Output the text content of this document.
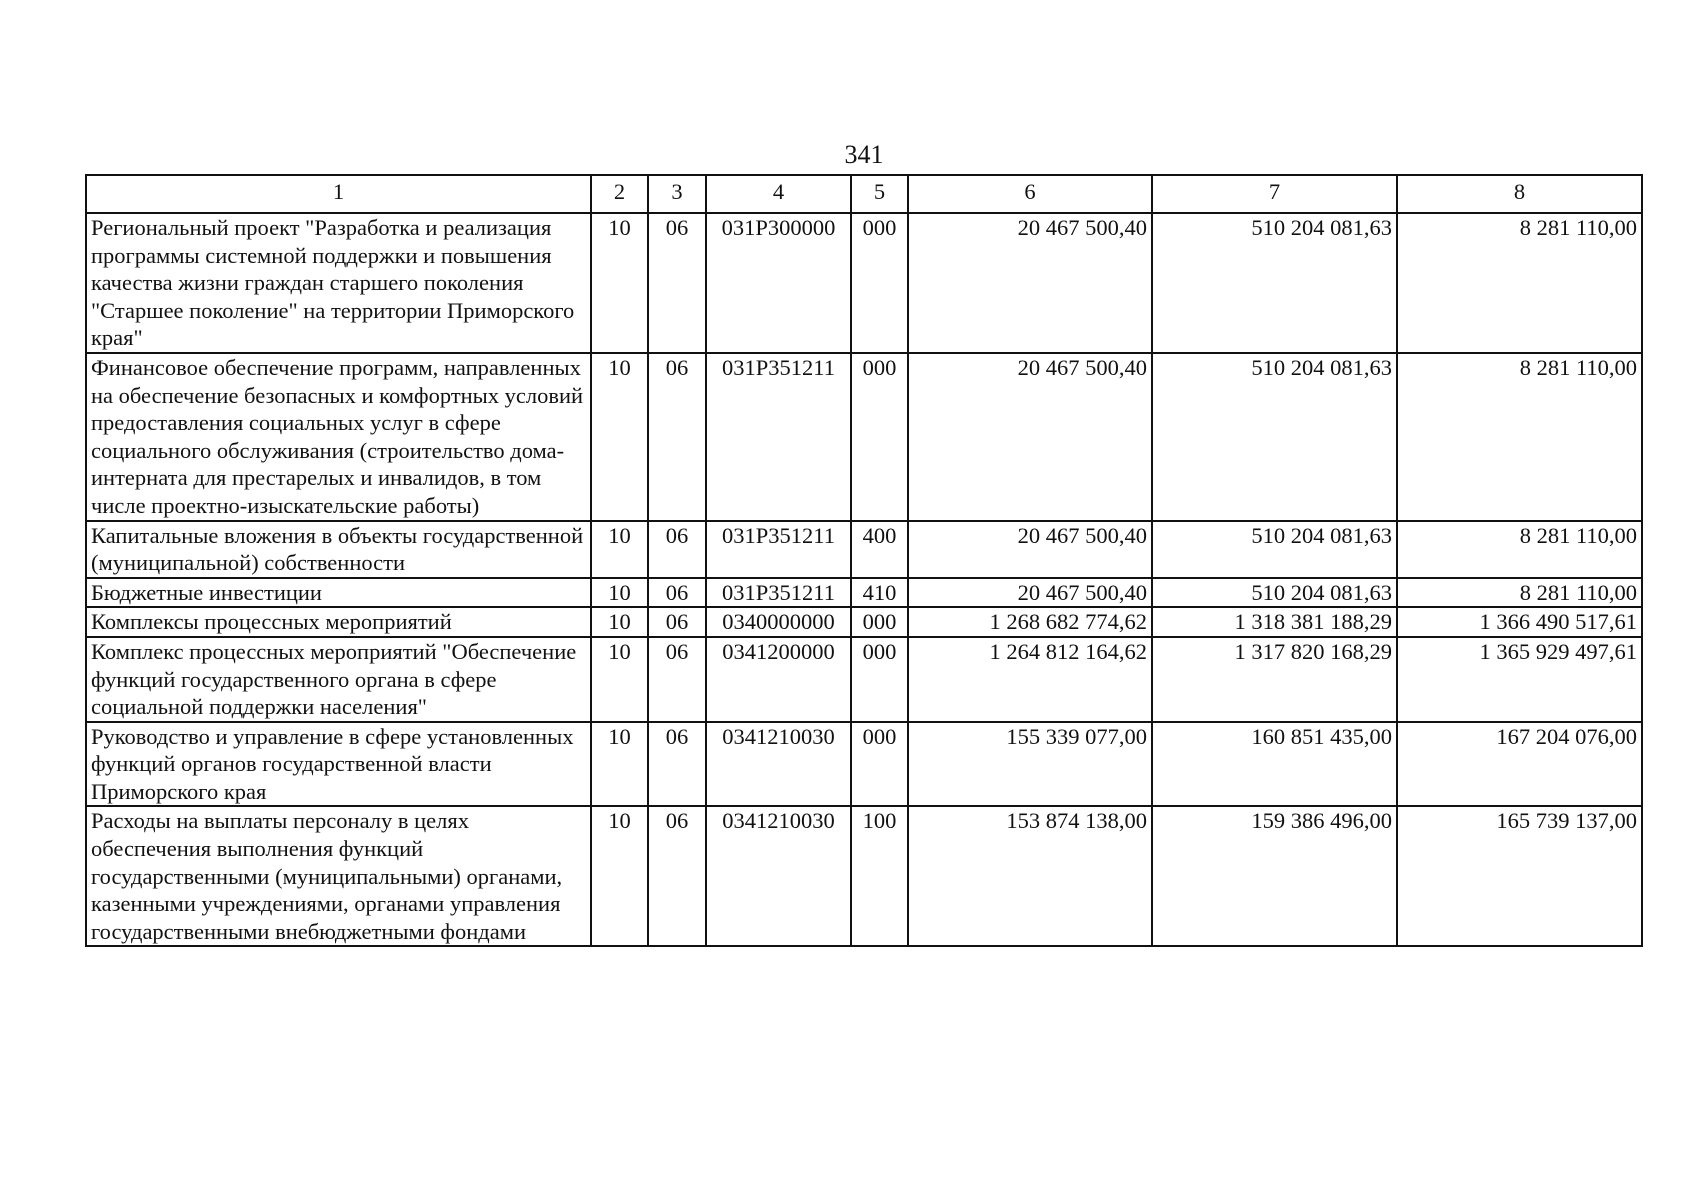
341
1	2	3	4	5	6	7	8
Региональный проект "Разработка и реализация программы системной поддержки и повышения качества жизни граждан старшего поколения "Старшее поколение" на территории Приморского края"	10	06	031P300000	000	20 467 500,40	510 204 081,63	8 281 110,00
Финансовое обеспечение программ, направленных на обеспечение безопасных и комфортных условий предоставления социальных услуг в сфере социального обслуживания (строительство дома-интерната для престарелых и инвалидов, в том числе проектно-изыскательские работы)	10	06	031P351211	000	20 467 500,40	510 204 081,63	8 281 110,00
Капитальные вложения в объекты государственной (муниципальной) собственности	10	06	031P351211	400	20 467 500,40	510 204 081,63	8 281 110,00
Бюджетные инвестиции	10	06	031P351211	410	20 467 500,40	510 204 081,63	8 281 110,00
Комплексы процессных мероприятий	10	06	0340000000	000	1 268 682 774,62	1 318 381 188,29	1 366 490 517,61
Комплекс процессных мероприятий "Обеспечение функций государственного органа в сфере социальной поддержки населения"	10	06	0341200000	000	1 264 812 164,62	1 317 820 168,29	1 365 929 497,61
Руководство и управление в сфере установленных функций органов государственной власти Приморского края	10	06	0341210030	000	155 339 077,00	160 851 435,00	167 204 076,00
Расходы на выплаты персоналу в целях обеспечения выполнения функций государственными (муниципальными) органами, казенными учреждениями, органами управления государственными внебюджетными фондами	10	06	0341210030	100	153 874 138,00	159 386 496,00	165 739 137,00
